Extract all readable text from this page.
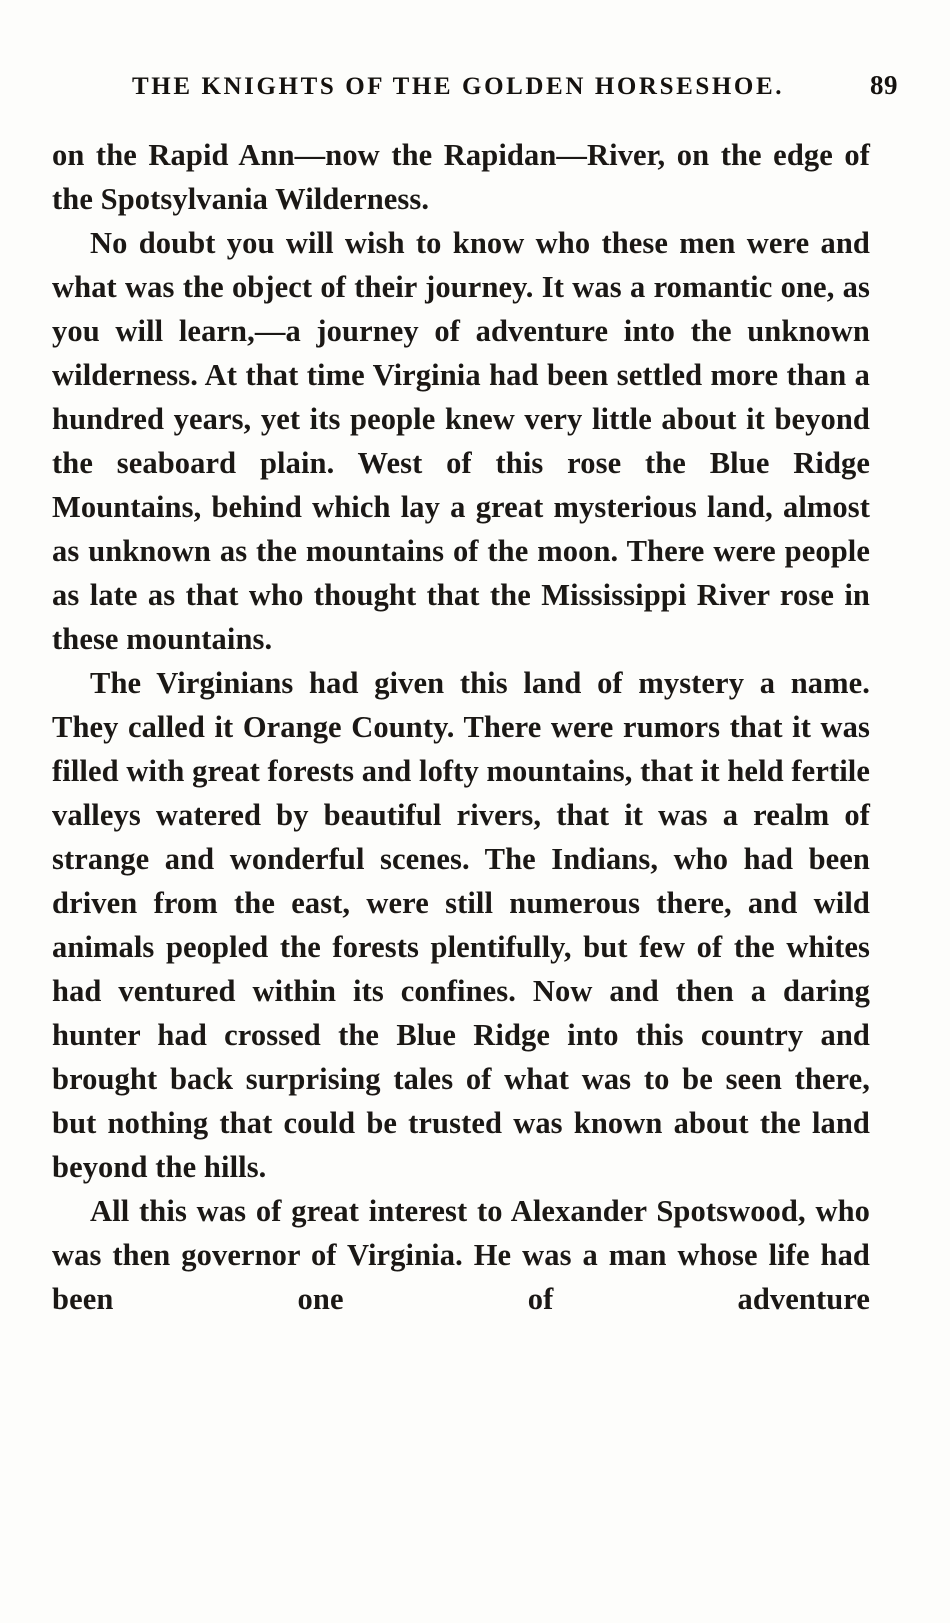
THE KNIGHTS OF THE GOLDEN HORSESHOE.	89

on the Rapid Ann—now the Rapidan—River, on the edge of the Spotsylvania Wilderness.

No doubt you will wish to know who these men were and what was the object of their journey. It was a romantic one, as you will learn,—a journey of adventure into the unknown wilderness. At that time Virginia had been settled more than a hundred years, yet its people knew very little about it beyond the seaboard plain. West of this rose the Blue Ridge Mountains, behind which lay a great mysterious land, almost as unknown as the mountains of the moon. There were people as late as that who thought that the Mississippi River rose in these mountains.

The Virginians had given this land of mystery a name. They called it Orange County. There were rumors that it was filled with great forests and lofty mountains, that it held fertile valleys watered by beautiful rivers, that it was a realm of strange and wonderful scenes. The Indians, who had been driven from the east, were still numerous there, and wild animals peopled the forests plentifully, but few of the whites had ventured within its confines. Now and then a daring hunter had crossed the Blue Ridge into this country and brought back surprising tales of what was to be seen there, but nothing that could be trusted was known about the land beyond the hills.

All this was of great interest to Alexander Spotswood, who was then governor of Virginia. He was a man whose life had been one of adventure
